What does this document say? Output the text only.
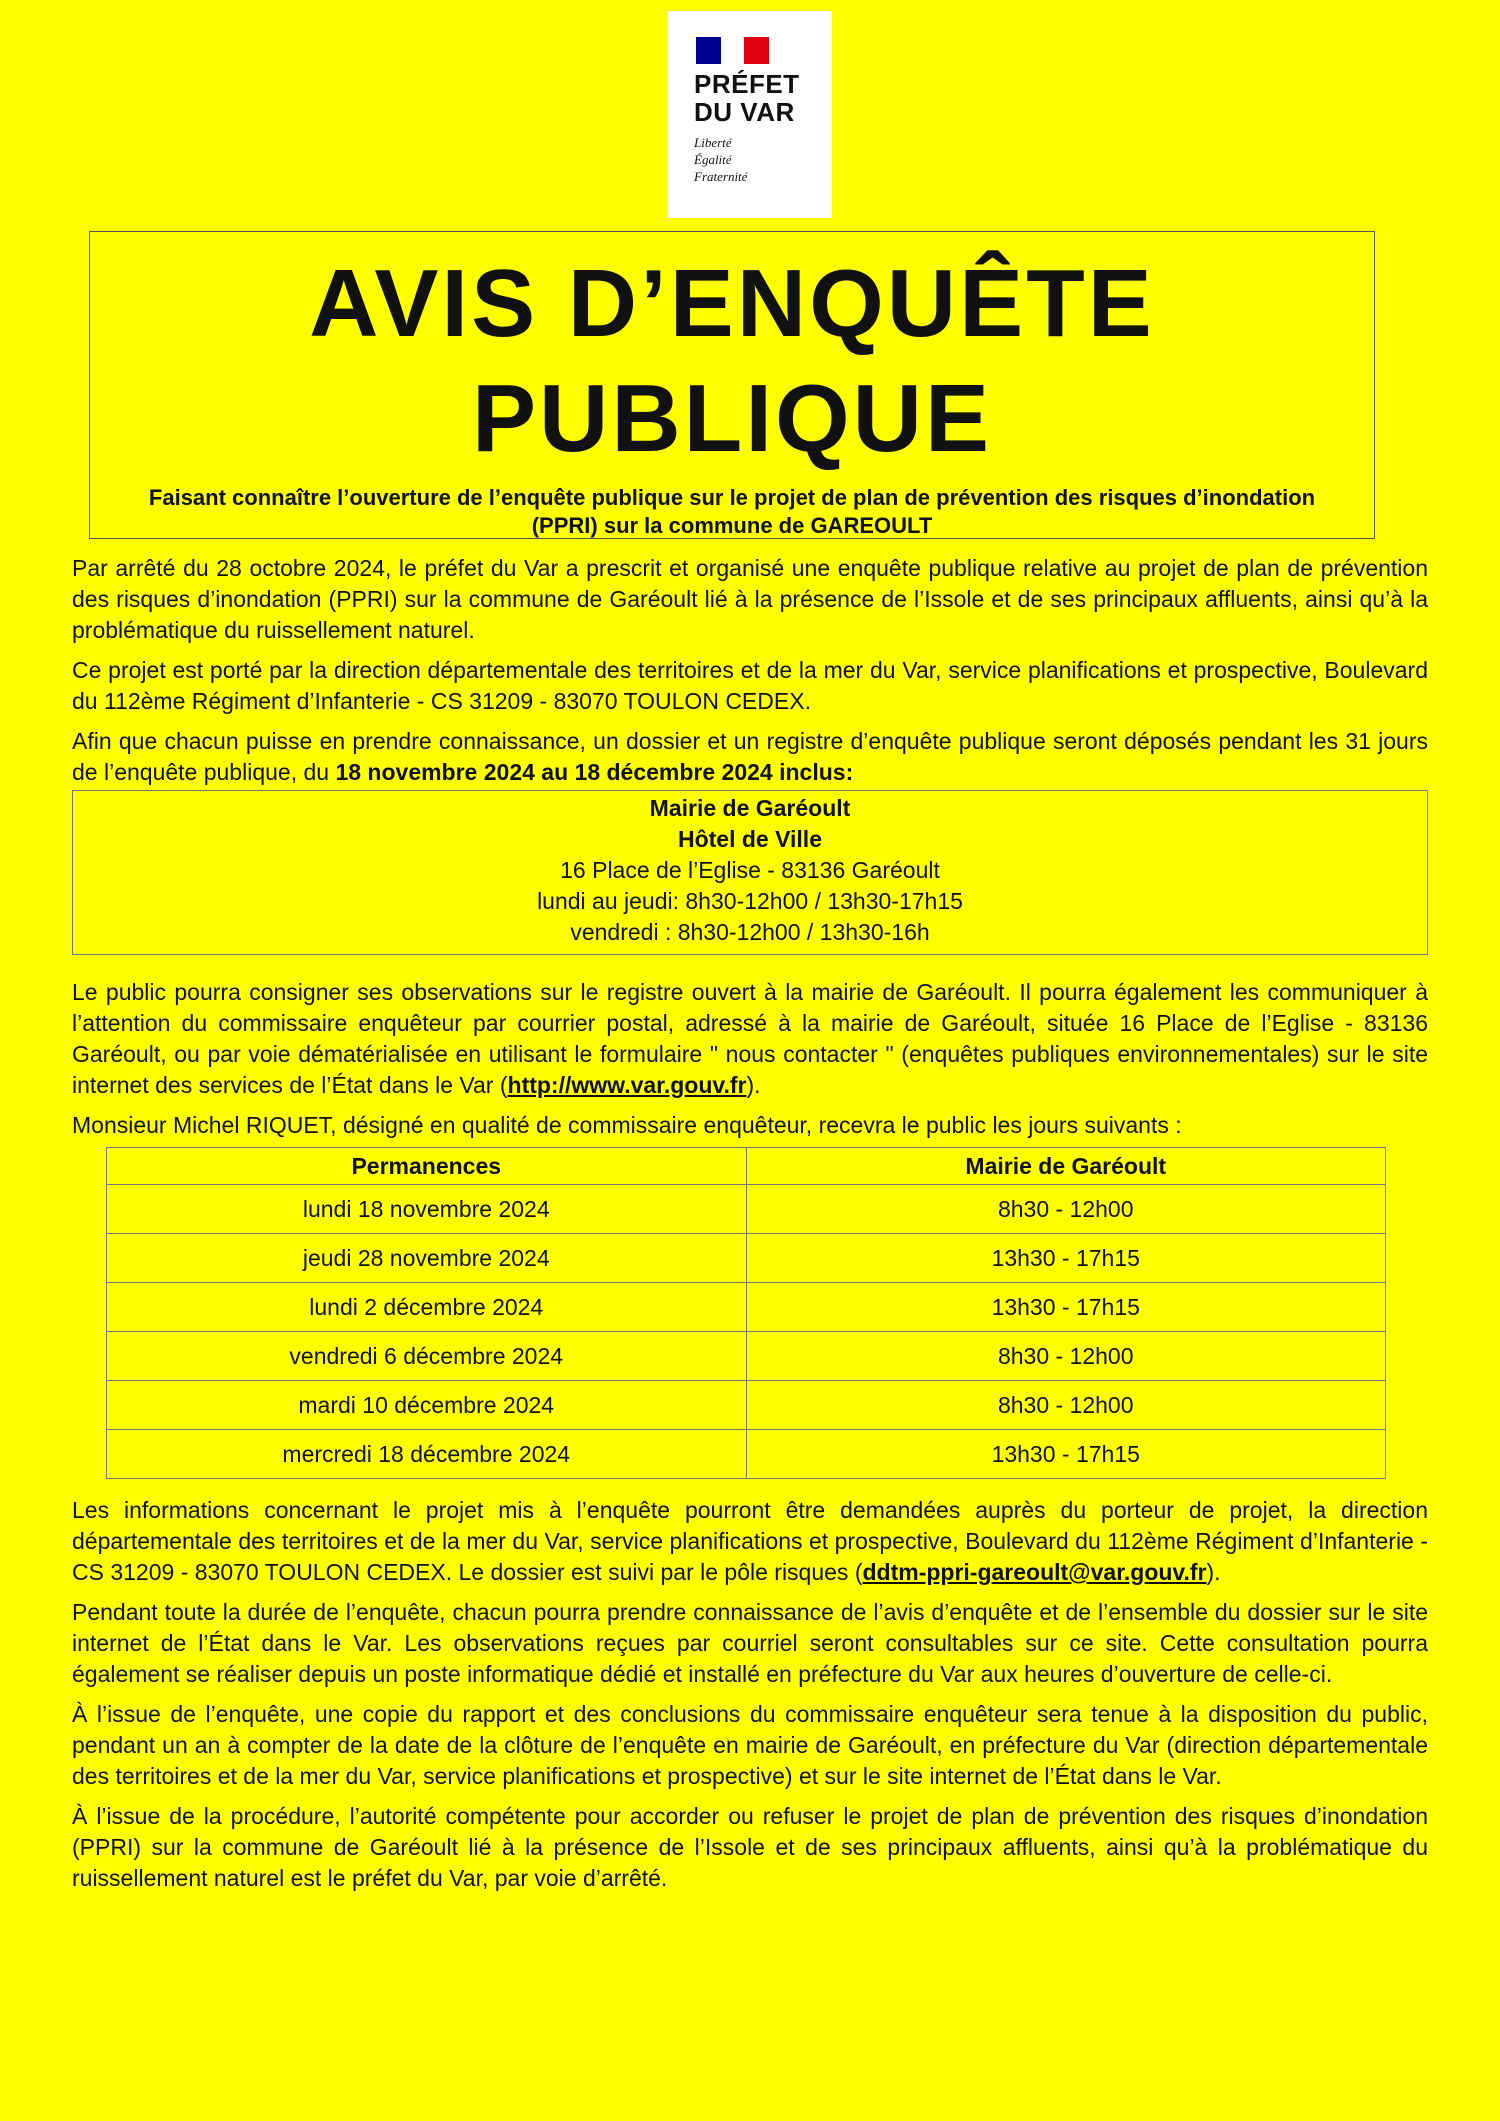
PRÉFET
DU VAR
Liberté
Égalité
Fraternité
AVIS D’ENQUÊTE
PUBLIQUE
Faisant connaître l’ouverture de l’enquête publique sur le projet de plan de prévention des risques d’inondation (PPRI) sur la commune de GAREOULT

Par arrêté du 28 octobre 2024, le préfet du Var a prescrit et organisé une enquête publique relative au projet de plan de prévention des risques d’inondation (PPRI) sur la commune de Garéoult lié à la présence de l’Issole et de ses principaux affluents, ainsi qu’à la problématique du ruissellement naturel.

Ce projet est porté par la direction départementale des territoires et de la mer du Var, service planifications et prospective, Boulevard du 112ème Régiment d’Infanterie - CS 31209 - 83070 TOULON CEDEX.

Afin que chacun puisse en prendre connaissance, un dossier et un registre d’enquête publique seront déposés pendant les 31 jours de l’enquête publique, du 18 novembre 2024 au 18 décembre 2024 inclus:

Mairie de Garéoult
Hôtel de Ville
16 Place de l’Eglise - 83136 Garéoult
lundi au jeudi: 8h30-12h00 / 13h30-17h15
vendredi : 8h30-12h00 / 13h30-16h

Le public pourra consigner ses observations sur le registre ouvert à la mairie de Garéoult. Il pourra également les communiquer à l’attention du commissaire enquêteur par courrier postal, adressé à la mairie de Garéoult, située 16 Place de l’Eglise - 83136 Garéoult, ou par voie dématérialisée en utilisant le formulaire " nous contacter " (enquêtes publiques environnementales) sur le site internet des services de l’État dans le Var (http://www.var.gouv.fr).

Monsieur Michel RIQUET, désigné en qualité de commissaire enquêteur, recevra le public les jours suivants :

Permanences	Mairie de Garéoult
lundi 18 novembre 2024	8h30 - 12h00
jeudi 28 novembre 2024	13h30 - 17h15
lundi 2 décembre 2024	13h30 - 17h15
vendredi 6 décembre 2024	8h30 - 12h00
mardi 10 décembre 2024	8h30 - 12h00
mercredi 18 décembre 2024	13h30 - 17h15

Les informations concernant le projet mis à l’enquête pourront être demandées auprès du porteur de projet, la direction départementale des territoires et de la mer du Var, service planifications et prospective, Boulevard du 112ème Régiment d’Infanterie - CS 31209 - 83070 TOULON CEDEX. Le dossier est suivi par le pôle risques (ddtm-ppri-gareoult@var.gouv.fr).

Pendant toute la durée de l’enquête, chacun pourra prendre connaissance de l’avis d’enquête et de l’ensemble du dossier sur le site internet de l’État dans le Var. Les observations reçues par courriel seront consultables sur ce site. Cette consultation pourra également se réaliser depuis un poste informatique dédié et installé en préfecture du Var aux heures d’ouverture de celle-ci.

À l’issue de l’enquête, une copie du rapport et des conclusions du commissaire enquêteur sera tenue à la disposition du public, pendant un an à compter de la date de la clôture de l’enquête en mairie de Garéoult, en préfecture du Var (direction départementale des territoires et de la mer du Var, service planifications et prospective) et sur le site internet de l’État dans le Var.

À l’issue de la procédure, l’autorité compétente pour accorder ou refuser le projet de plan de prévention des risques d’inondation (PPRI) sur la commune de Garéoult lié à la présence de l’Issole et de ses principaux affluents, ainsi qu’à la problématique du ruissellement naturel est le préfet du Var, par voie d’arrêté.
